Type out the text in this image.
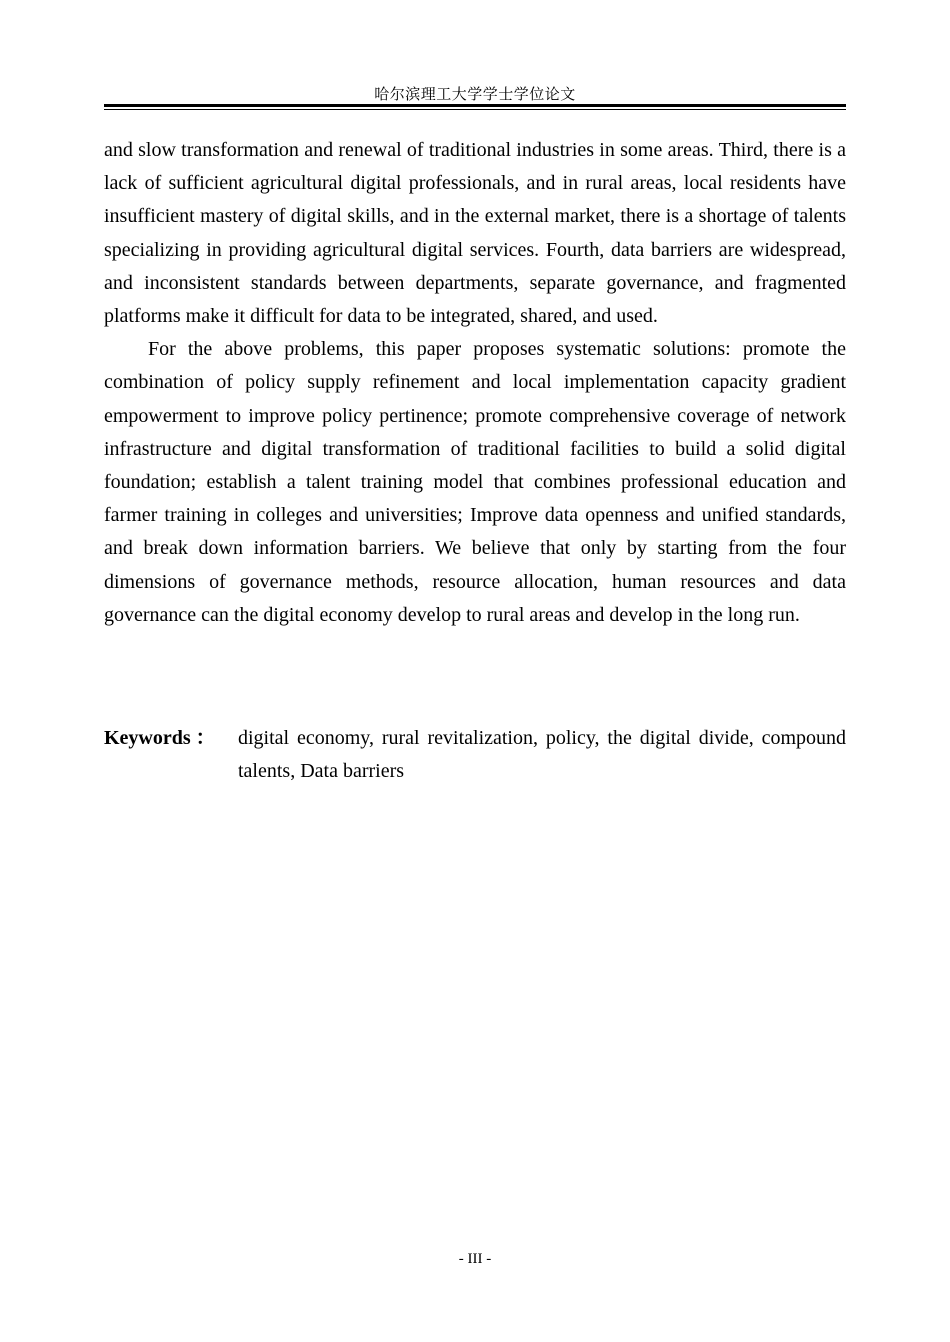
哈尔滨理工大学学士学位论文

and slow transformation and renewal of traditional industries in some areas. Third, there is a lack of sufficient agricultural digital professionals, and in rural areas, local residents have insufficient mastery of digital skills, and in the external market, there is a shortage of talents specializing in providing agricultural digital services. Fourth, data barriers are widespread, and inconsistent standards between departments, separate governance, and fragmented platforms make it difficult for data to be integrated, shared, and used.

For the above problems, this paper proposes systematic solutions: promote the combination of policy supply refinement and local implementation capacity gradient empowerment to improve policy pertinence; promote comprehensive coverage of network infrastructure and digital transformation of traditional facilities to build a solid digital foundation; establish a talent training model that combines professional education and farmer training in colleges and universities; Improve data openness and unified standards, and break down information barriers. We believe that only by starting from the four dimensions of governance methods, resource allocation, human resources and data governance can the digital economy develop to rural areas and develop in the long run.

Keywords ：	digital economy, rural revitalization, policy, the digital divide, compound talents, Data barriers
- III -
